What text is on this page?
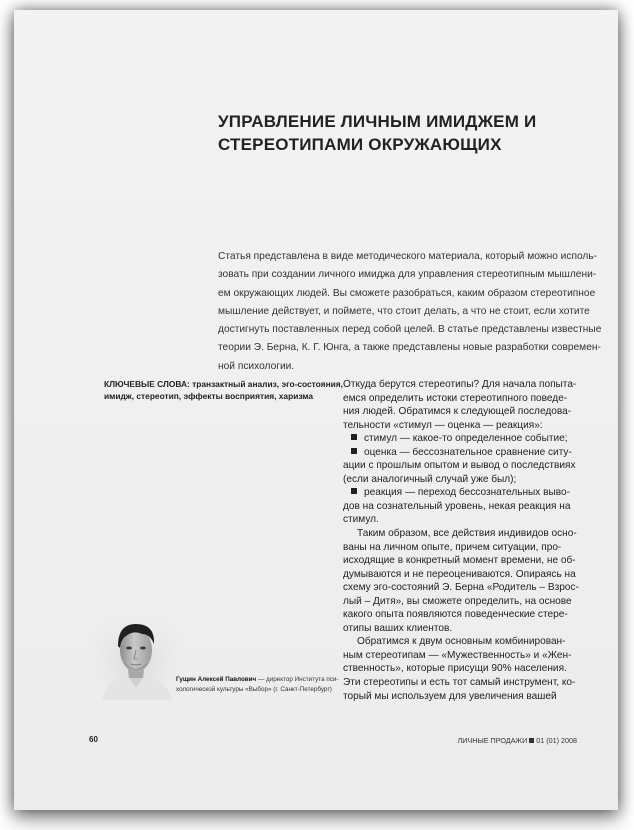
УПРАВЛЕНИЕ ЛИЧНЫМ ИМИДЖЕМ И
СТЕРЕОТИПАМИ ОКРУЖАЮЩИХ
Статья представлена в виде методического материала, который можно исполь-
зовать при создании личного имиджа для управления стереотипным мышлени-
ем окружающих людей. Вы сможете разобраться, каким образом стереотипное
мышление действует, и поймете, что стоит делать, а что не стоит, если хотите
достигнуть поставленных перед собой целей. В статье представлены известные
теории Э. Берна, К. Г. Юнга, а также представлены новые разработки современ-
ной психологии.
КЛЮЧЕВЫЕ СЛОВА: трaнзактный анализ, эго-состояния,
имидж, стереотип, эффекты восприятия, харизма
Откуда берутся стереотипы? Для начала попыта-
емся определить истоки стереотипного поведе-
ния людей. Обратимся к следующей последова-
тельности «стимул — оценка — реакция»:
стимул — какое-то определенное событие;
оценка — бессознательное сравнение ситу-
ации с прошлым опытом и вывод о последствиях
(если аналогичный случай уже был);
реакция — переход бессознательных выво-
дов на сознательный уровень, некая реакция на
стимул.
Таким образом, все действия индивидов осно-
ваны на личном опыте, причем ситуации, про-
исходящие в конкретный момент времени, не об-
думываются и не переоцениваются. Опираясь на
схему эго-состояний Э. Берна «Родитель – Взрос-
лый – Дитя», вы сможете определить, на основе
какого опыта появляются поведенческие стере-
отипы ваших клиентов.
Обратимся к двум основным комбинирован-
ным стереотипам — «Мужественность» и «Жен-
ственность», которые присущи 90% населения.
Эти стереотипы и есть тот самый инструмент, ко-
торый мы используем для увеличения вашей
Гущин Алексей Павлович — директор Института пси-
хологической культуры «Выбор» (г. Санкт-Петербург)
60	ЛИЧНЫЕ ПРОДАЖИ 01 (01) 2008
